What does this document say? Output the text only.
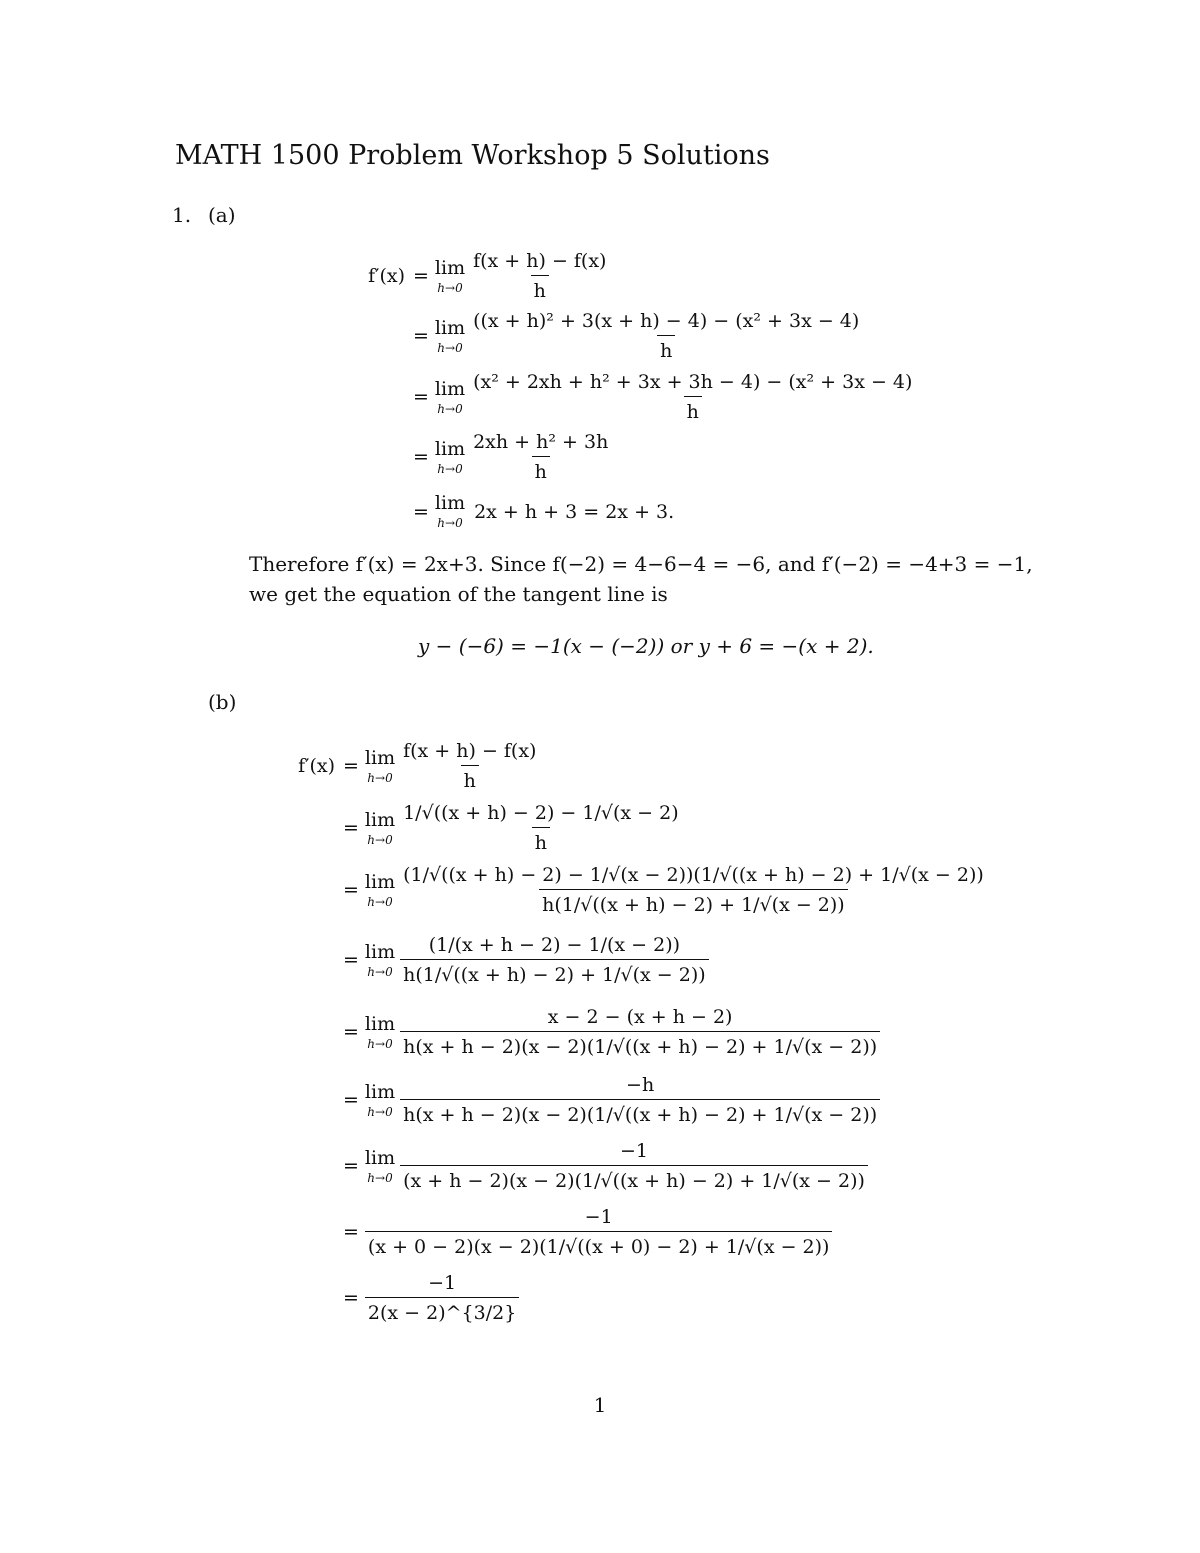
MATH 1500 Problem Workshop 5 Solutions
1. (a)
f′(x) = lim
$h\to 0 \frac{f(x + h) - f(x)}{h}$
= lim
$h\to 0 \frac{\text{((x + h)² + 3(x + h) − 4) − (x² + 3x − 4)}}{h}$
= lim
$h\to 0 \frac{\text{(x² + 2xh + h² + 3x + 3h − 4) − (x² + 3x − 4)}}{h}$
= lim
$h\to 0 \frac{\text{2xh + h² + 3h}}{h}$
= lim
h→0
2x + h + 3 = 2x + 3.
Therefore f′(x) = 2x+3. Since f(−2) = 4−6−4 = −6, and f′(−2) = −4+3 = −1,
we get the equation of the tangent line is
y − (−6) = −1(x − (−2)) or y + 6 = −(x + 2).
(b)
f′(x) = lim
$h\to 0 \frac{f(x + h) - f(x)}{h}$
= lim
$h\to 0 \frac{1/√((x + h) - 2) - 1/√(x - 2)}{h}$
= lim
h→0
(1/√((x + h) − 2) − 1/√(x − 2))(1/√((x + h) − 2) + 1/√(x − 2))
h(1/√((x + h) − 2) + 1/√(x − 2))
= lim
$h\to 0 \frac{(1/(x + h - 2) - 1/(x - 2))}{h(1/√((x + h) - 2) + 1/√(x - 2))}$
= lim
$h\to 0 \frac{x - 2 - (x + h - 2)}{h(x + h - 2)(x - 2)(1/√((x + h) - 2) + 1/√(x - 2))}$
= lim
$h\to 0 \frac{-h}{h(x + h - 2)(x - 2)(1/√((x + h) - 2) + 1/√(x - 2))}$
= lim
$h\to 0 \frac{-1}{(x + h - 2)(x - 2)(1/√((x + h) - 2) + 1/√(x - 2))}$
= $\frac{-1}{(x + 0 - 2)(x - 2)(1/√((x + 0) - 2) + 1/√(x - 2))}$
= $\frac{-1}{2(x - 2)\^{}\{3/2\}}$
1
